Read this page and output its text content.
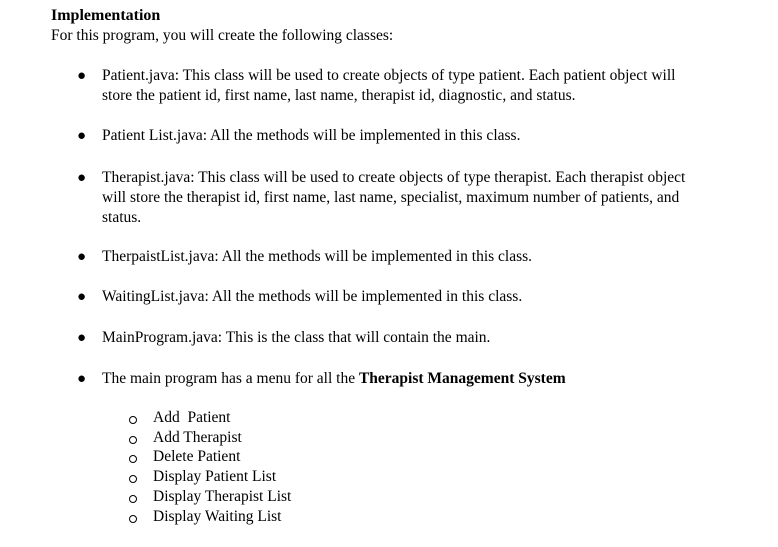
Implementation

For this program, you will create the following classes:

● Patient.java: This class will be used to create objects of type patient. Each patient object will store the patient id, first name, last name, therapist id, diagnostic, and status.
● Patient List.java: All the methods will be implemented in this class.
● Therapist.java: This class will be used to create objects of type therapist. Each therapist object will store the therapist id, first name, last name, specialist, maximum number of patients, and status.
● TherpaistList.java: All the methods will be implemented in this class.
● WaitingList.java: All the methods will be implemented in this class.
● MainProgram.java: This is the class that will contain the main.
● The main program has a menu for all the Therapist Management System
Add  Patient
Add Therapist
Delete Patient
Display Patient List
Display Therapist List
Display Waiting List
